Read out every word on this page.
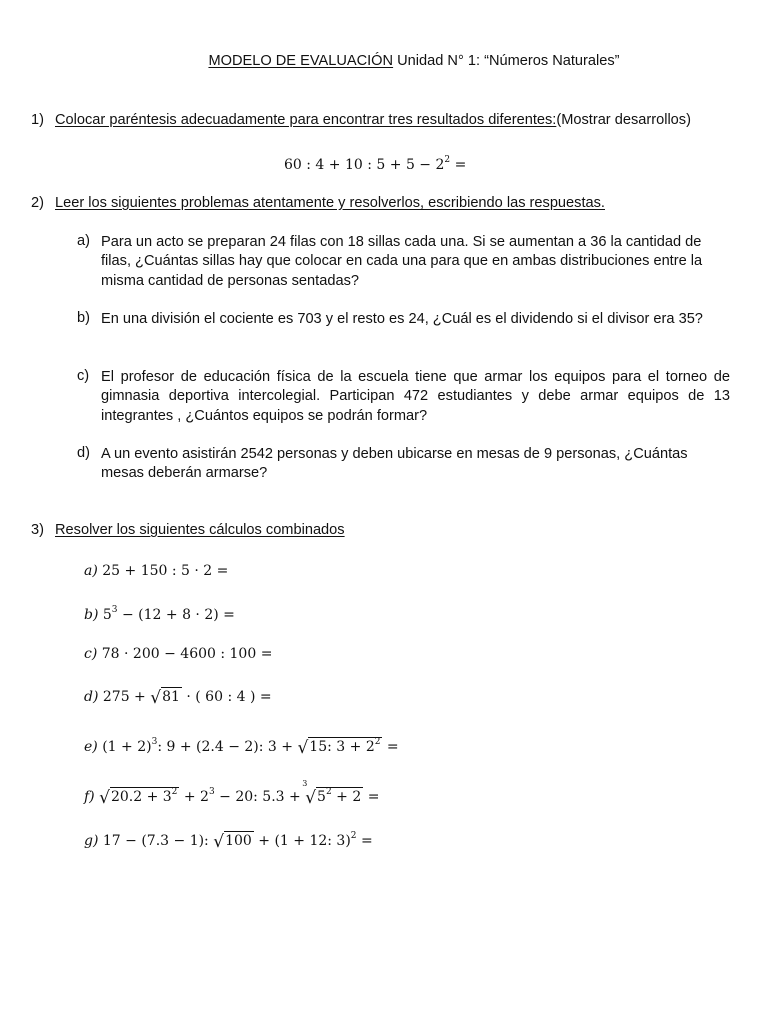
MODELO DE EVALUACIÓN Unidad N° 1: “Números Naturales”
1) Colocar paréntesis adecuadamente para encontrar tres resultados diferentes:(Mostrar desarrollos)
60 : 4 + 10 : $5 + 5 - 2^2$ =
2) Leer los siguientes problemas atentamente y resolverlos, escribiendo las respuestas.
a) Para un acto se preparan 24 filas con 18 sillas cada una. Si se aumentan a 36 la cantidad de filas, ¿Cuántas sillas hay que colocar en cada una para que en ambas distribuciones entre la misma cantidad de personas sentadas?
b) En una división el cociente es 703 y el resto es 24, ¿Cuál es el dividendo si el divisor era 35?
c) El profesor de educación física de la escuela tiene que armar los equipos para el torneo de gimnasia deportiva intercolegial. Participan 472 estudiantes y debe armar equipos de 13 integrantes , ¿Cuántos equipos se podrán formar?
d) A un evento asistirán 2542 personas y deben ubicarse en mesas de 9 personas, ¿Cuántas mesas deberán armarse?
3) Resolver los siguientes cálculos combinados
a) 25 + 150 : 5 · 2 =
b) $5^3 - (12 + 8 \cdot 2)$ =
c) 78 · 200 − 4600 : 100 =
d) 275 + √81 · ( 60 : 4 ) =
e) $(1 + 2)^3$: 9 + (2.4 − 2): 3 + √15: $3 + 2^2$ =
f) $√20.2 + 3^2 + 2^3 - 20$: 5.3 +
3
$√5^2 + 2$ =
g) 17 − (7.3 − 1): √100 + (1 + 12: 3)$^2$ =
